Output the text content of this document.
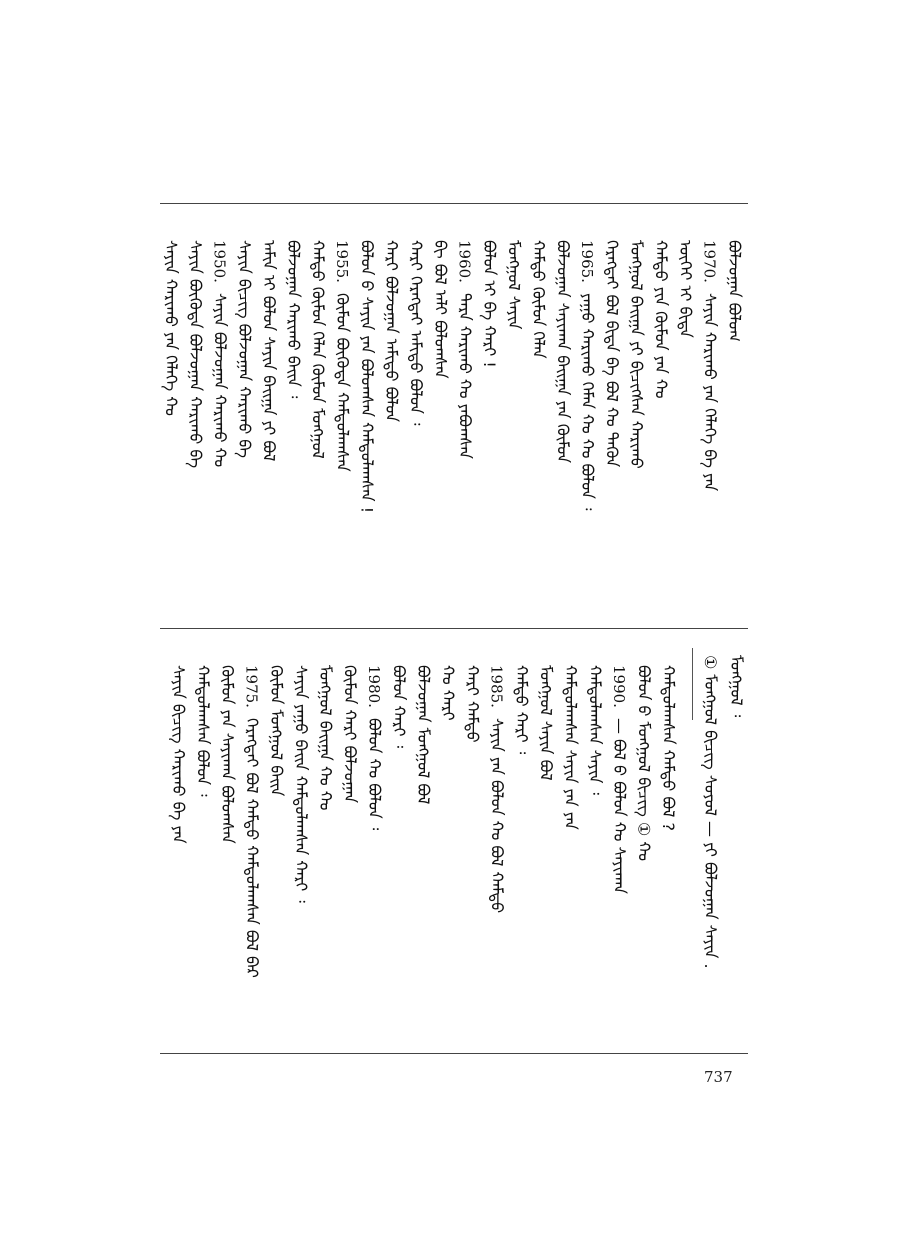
ᠪᠣᠯᠵᠣᠭᠠᠨ ᠪᠤᠯᠤᠭ
1970.ᠰᠠᠶᠢᠨ ᠬᠠᠷᠢᠬᠤ ᠶᠠᠨ ᠬᠡᠯᠡᠭᠡ ᠪᠠ ᠶᠠᠨ
ᠦᠭᠡᠢ ᠢ ᠪᠢᠳᠡ
ᠬᠠᠮᠲᠤ ᠶᠢᠨ ᠬᠦᠮᠦᠨ ᠶᠠᠨ ᠬᠤ
ᠮᠣᠩᠭᠣᠯ ᠪᠠᠢᠭᠠ ᠶᠢ ᠪᠢᠴᠢᠭᠰᠡᠨ ᠬᠠᠷᠢᠬᠤ
ᠬᠡᠷᠡᠭᠲᠡᠢ ᠪᠣᠯ ᠪᠢᠳᠡ ᠪᠠ ᠪᠣᠯ ᠬᠤ ᠲᠡᠭᠦᠨ
1965.ᠶᠠᠭᠤ ᠬᠠᠷᠢᠬᠤ ᠬᠡᠮᠡᠨ ᠬᠤ ᠬᠤ ᠪᠣᠯᠤᠨ ᠄
ᠪᠣᠯᠵᠣᠭᠠᠨ ᠰᠠᠶᠢᠬᠠᠨ ᠪᠠᠢᠭᠠ ᠶᠠᠨ ᠬᠦᠮᠦᠨ
ᠬᠠᠮᠲᠤ ᠬᠦᠮᠦᠨ ᠬᠡᠯᠡᠨ
ᠮᠣᠩᠭᠣᠯ ᠰᠠᠶᠢᠨ
ᠪᠣᠯᠤᠨ ᠢ ᠪᠠ ᠬᠠᠷᠢ !
1960.ᠲᠡᠷᠡ ᠬᠠᠷᠢᠬᠤ ᠬᠤ ᠶᠠᠪᠤᠭᠰᠠᠨ
ᠪᠢ ᠪᠣᠯ ᠠᠯᠢ ᠪᠣᠯᠤᠭᠰᠠᠨ
ᠬᠠᠷᠢ ᠬᠡᠷᠡᠭᠲᠡᠢ ᠠᠮᠢᠳᠤ ᠪᠣᠯᠤᠨ ᠄
ᠬᠠᠷᠢ ᠪᠣᠯᠵᠣᠭᠠᠨ ᠠᠮᠢᠳᠤ ᠪᠣᠯᠤᠨ
ᠪᠣᠯᠤᠨ ᠪ ᠰᠠᠶᠢᠨ ᠶᠠᠨ ᠪᠣᠯᠤᠭᠰᠠᠨ ᠬᠠᠮᠲᠤᠯᠠᠭᠰᠠᠨ !
1955.ᠬᠦᠮᠦᠨ ᠪᠦᠭᠦᠳᠡ ᠬᠠᠮᠲᠤᠯᠠᠭᠰᠠᠨ
ᠬᠠᠮᠲᠤ ᠬᠦᠮᠦᠨ ᠬᠡᠯᠡᠨ ᠬᠦᠮᠦᠨ ᠮᠣᠩᠭᠣᠯ
ᠪᠣᠯᠵᠣᠭᠠᠨ ᠬᠠᠷᠢᠬᠤ ᠪᠠᠢᠨ ᠄
ᠠᠮᠢᠨ ᠢ ᠪᠣᠯᠤᠨ ᠰᠠᠶᠢᠨ ᠪᠠᠢᠭᠠ ᠶᠢ ᠪᠣᠯ
ᠰᠠᠶᠢᠨ ᠪᠢᠴᠢᠭ ᠪᠣᠯᠵᠣᠭᠠᠨ ᠬᠠᠷᠢᠬᠤ ᠪᠠ
1950.ᠰᠠᠶᠢᠨ ᠪᠣᠯᠵᠣᠭᠠᠨ ᠬᠠᠷᠢᠬᠤ ᠬᠤ
ᠰᠠᠶᠢᠨ ᠪᠦᠭᠦᠳᠡ ᠪᠣᠯᠵᠣᠭᠠᠨ ᠬᠠᠷᠢᠬᠤ ᠪᠠ
ᠰᠠᠶᠢᠨ ᠬᠠᠷᠢᠬᠤ ᠶᠠᠨ ᠬᠡᠯᠡᠭᠡ ᠬᠤ
ᠮᠣᠩᠭᠣᠯ ᠄
① ᠮᠣᠩᠭᠣᠯ ᠪᠢᠴᠢᠭ ᠰᠣᠶᠣᠯ — ᠶᠢ ᠪᠣᠯᠵᠣᠭᠠᠨ ᠰᠠᠶᠢᠨ .
ᠬᠠᠮᠲᠤᠯᠠᠭᠰᠠᠨ ᠬᠠᠮᠲᠤ ᠪᠣᠯ ?
ᠪᠣᠯᠤᠨ ᠪ ᠮᠣᠩᠭᠣᠯ ᠪᠢᠴᠢᠭ ① ᠬᠤ
1990.— ᠪᠣᠯ ᠪ ᠪᠣᠯᠤᠨ ᠬᠤ ᠰᠠᠶᠢᠬᠠᠨ
ᠬᠠᠮᠲᠤᠯᠠᠭᠰᠠᠨ ᠰᠠᠶᠢᠨ ᠄
ᠬᠠᠮᠲᠤᠯᠠᠭᠰᠠᠨ ᠰᠠᠶᠢᠨ ᠶᠠᠨ ᠶᠠᠨ
ᠮᠣᠩᠭᠣᠯ ᠰᠠᠶᠢᠨ ᠪᠣᠯ
ᠬᠠᠮᠲᠤ ᠬᠠᠷᠢ ᠄
1985.ᠰᠠᠶᠢᠨ ᠶᠠᠨ ᠪᠣᠯᠤᠨ ᠬᠤ ᠪᠣᠯ ᠬᠠᠮᠲᠤ
ᠬᠠᠷᠢ ᠬᠠᠮᠲᠤ
ᠬᠤ ᠬᠠᠷᠢ
ᠪᠣᠯᠵᠣᠭᠠᠨ ᠮᠣᠩᠭᠣᠯ ᠪᠣᠯ
ᠪᠣᠯᠤᠨ ᠬᠠᠷᠢ ᠄
1980.ᠪᠣᠯᠤᠨ ᠬᠤ ᠪᠣᠯᠤᠨ ᠄
ᠬᠦᠮᠦᠨ ᠬᠠᠷᠢ ᠪᠣᠯᠵᠣᠭᠠᠨ
ᠮᠣᠩᠭᠣᠯ ᠪᠠᠢᠭᠠ ᠬᠤ ᠬᠤ
ᠰᠠᠶᠢᠨ ᠶᠠᠭᠤ ᠪᠠᠢᠨ ᠬᠠᠮᠲᠤᠯᠠᠭᠰᠠᠨ ᠬᠠᠷᠢ ᠄
ᠬᠦᠮᠦᠨ ᠮᠣᠩᠭᠣᠯ ᠪᠠᠢᠨ
1975.ᠬᠡᠷᠡᠭᠲᠡᠢ ᠪᠣᠯ ᠬᠠᠮᠲᠤ ᠬᠠᠮᠲᠤᠯᠠᠭᠰᠠᠨ ᠪᠣᠯ ᠪᠠᠷ
ᠬᠦᠮᠦᠨ ᠶᠠᠨ ᠰᠠᠶᠢᠬᠠᠨ ᠪᠣᠯᠤᠭᠰᠠᠨ
ᠬᠠᠮᠲᠤᠯᠠᠭᠰᠠᠨ ᠪᠣᠯᠤᠨ ᠄
ᠰᠠᠶᠢᠨ ᠪᠢᠴᠢᠭ ᠬᠠᠷᠢᠬᠤ ᠪᠠ ᠶᠠᠨ
737
